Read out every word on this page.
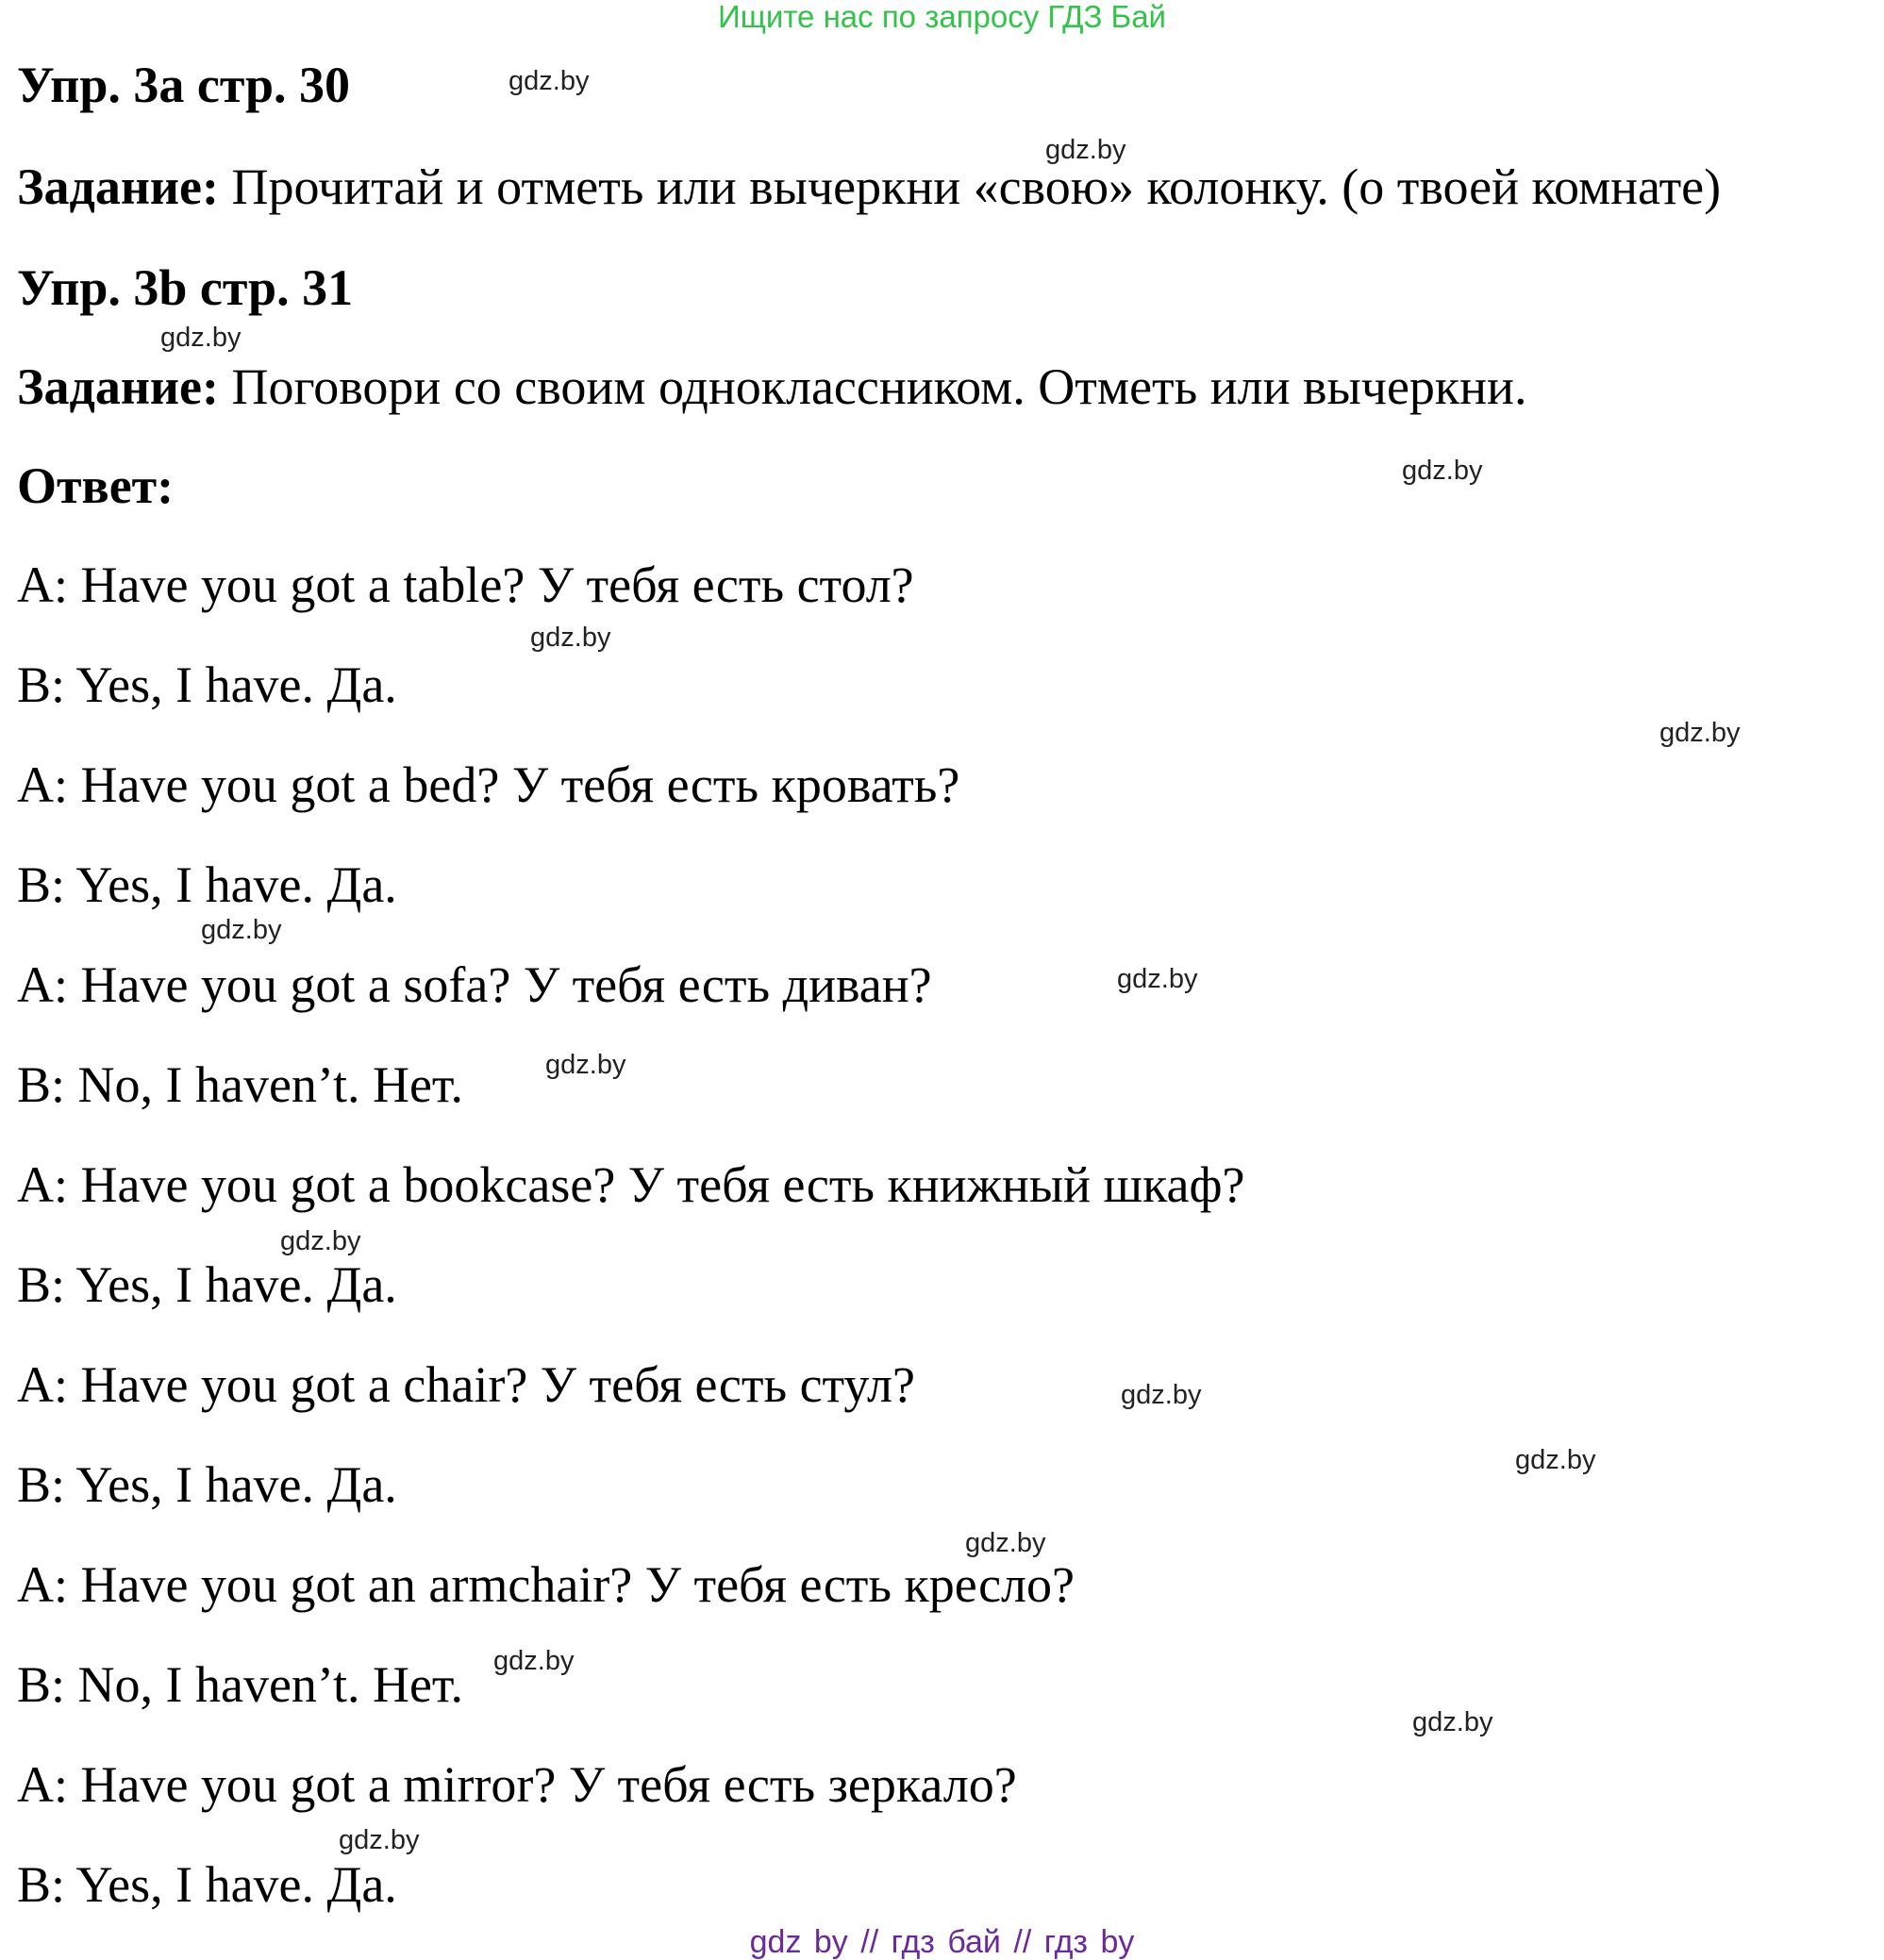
Ищите нас по запросу ГДЗ Бай
Упр. 3a стр. 30
Задание: Прочитай и отметь или вычеркни «свою» колонку. (о твоей комнате)
Упр. 3b стр. 31
Задание: Поговори со своим одноклассником. Отметь или вычеркни.
Ответ:
A: Have you got a table? У тебя есть стол?
B: Yes, I have. Да.
A: Have you got a bed? У тебя есть кровать?
B: Yes, I have. Да.
A: Have you got a sofa? У тебя есть диван?
B: No, I haven’t. Нет.
A: Have you got a bookcase? У тебя есть книжный шкаф?
B: Yes, I have. Да.
A: Have you got a chair? У тебя есть стул?
B: Yes, I have. Да.
A: Have you got an armchair? У тебя есть кресло?
B: No, I haven’t. Нет.
A: Have you got a mirror? У тебя есть зеркало?
B: Yes, I have. Да.
gdz.by
gdz.by
gdz.by
gdz.by
gdz.by
gdz.by
gdz.by
gdz.by
gdz.by
gdz.by
gdz.by
gdz.by
gdz.by
gdz.by
gdz.by
gdz.by
gdz by // гдз бай // гдз by
